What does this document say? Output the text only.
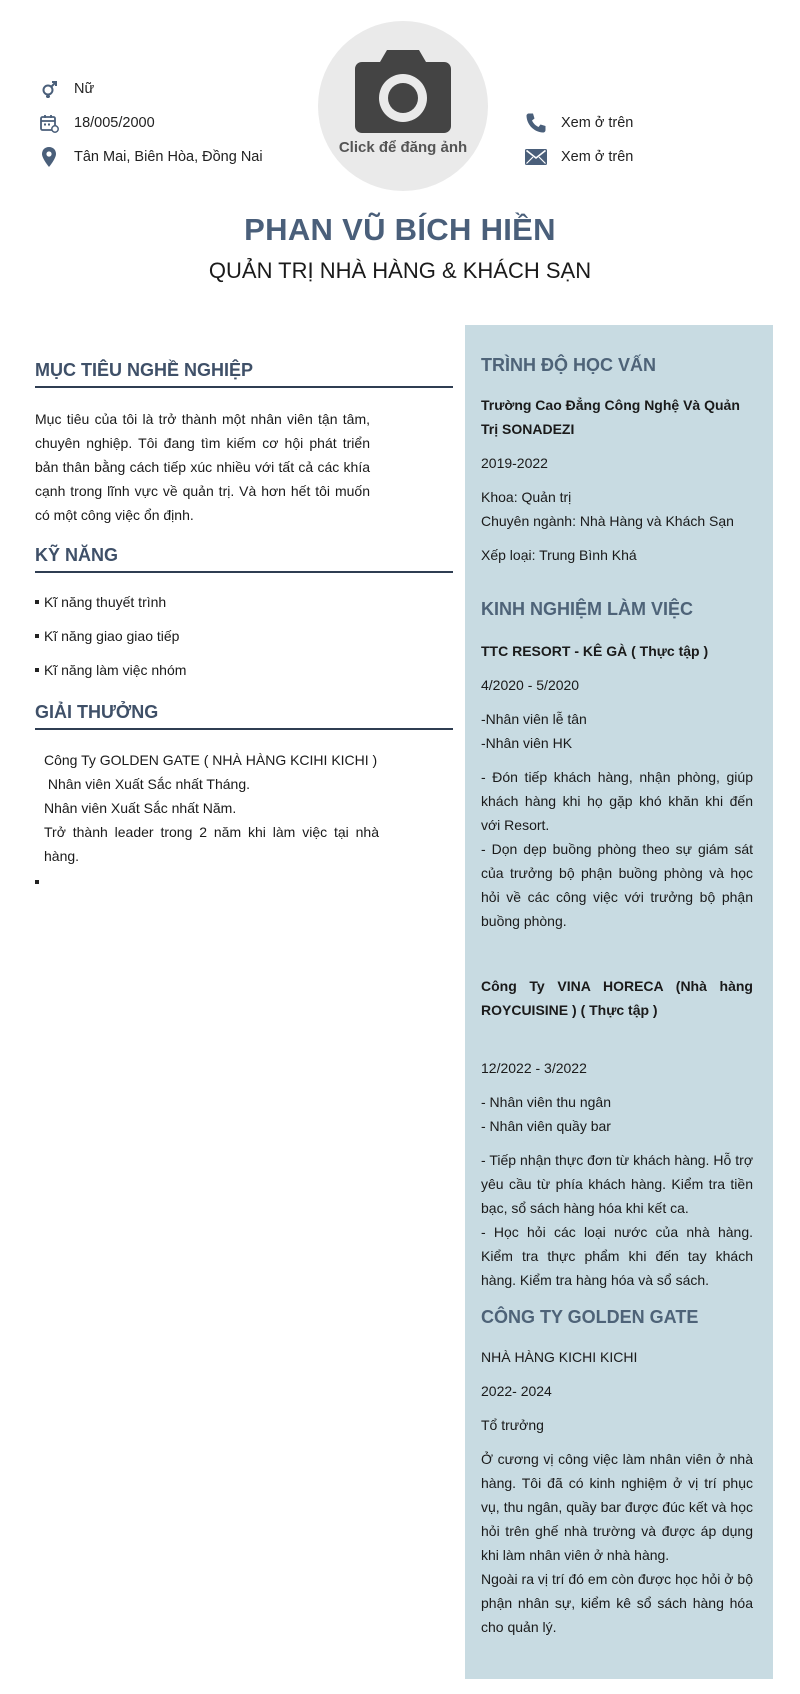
Nữ
18/005/2000
Tân Mai, Biên Hòa, Đồng Nai
Click để đăng ảnh
Xem ở trên
Xem ở trên
PHAN VŨ BÍCH HIỀN
QUẢN TRỊ NHÀ HÀNG & KHÁCH SẠN
MỤC TIÊU NGHỀ NGHIỆP
Mục tiêu của tôi là trở thành một nhân viên tận tâm, chuyên nghiệp. Tôi đang tìm kiếm cơ hội phát triển bản thân bằng cách tiếp xúc nhiều với tất cả các khía cạnh trong lĩnh vực về quản trị. Và hơn hết tôi muốn có một công việc ổn định.
KỸ NĂNG
Kĩ năng thuyết trình
Kĩ năng giao giao tiếp
Kĩ năng làm việc nhóm
GIẢI THƯỞNG
Công Ty GOLDEN GATE ( NHÀ HÀNG KCIHI KICHI )
Nhân viên Xuất Sắc nhất Tháng.
Nhân viên Xuất Sắc nhất Năm.
Trở thành leader trong 2 năm khi làm việc tại nhà hàng.
TRÌNH ĐỘ HỌC VẤN
Trường Cao Đẳng Công Nghệ Và Quản Trị SONADEZI
2019-2022
Khoa: Quản trị
Chuyên ngành: Nhà Hàng và Khách Sạn
Xếp loại: Trung Bình Khá
KINH NGHIỆM LÀM VIỆC
TTC RESORT - KÊ GÀ ( Thực tập )
4/2020 - 5/2020
-Nhân viên lễ tân
-Nhân viên HK
- Đón tiếp khách hàng, nhận phòng, giúp khách hàng khi họ gặp khó khăn khi đến với Resort.
- Dọn dẹp buồng phòng theo sự giám sát của trưởng bộ phận buồng phòng và học hỏi về các công việc với trưởng bộ phận buồng phòng.
Công Ty VINA HORECA (Nhà hàng ROYCUISINE ) ( Thực tập )
12/2022 - 3/2022
- Nhân viên thu ngân
- Nhân viên quầy bar
- Tiếp nhận thực đơn từ khách hàng. Hỗ trợ yêu cầu từ phía khách hàng. Kiểm tra tiền bạc, sổ sách hàng hóa khi kết ca.
- Học hỏi các loại nước của nhà hàng. Kiểm tra thực phẩm khi đến tay khách hàng. Kiểm tra hàng hóa và sổ sách.
CÔNG TY GOLDEN GATE
NHÀ HÀNG KICHI KICHI
2022- 2024
Tổ trưởng
Ở cương vị công việc làm nhân viên ở nhà hàng. Tôi đã có kinh nghiệm ở vị trí phục vụ, thu ngân, quầy bar được đúc kết và học hỏi trên ghế nhà trường và được áp dụng khi làm nhân viên ở nhà hàng.
Ngoài ra vị trí đó em còn được học hỏi ở bộ phận nhân sự, kiểm kê sổ sách hàng hóa cho quản lý.
